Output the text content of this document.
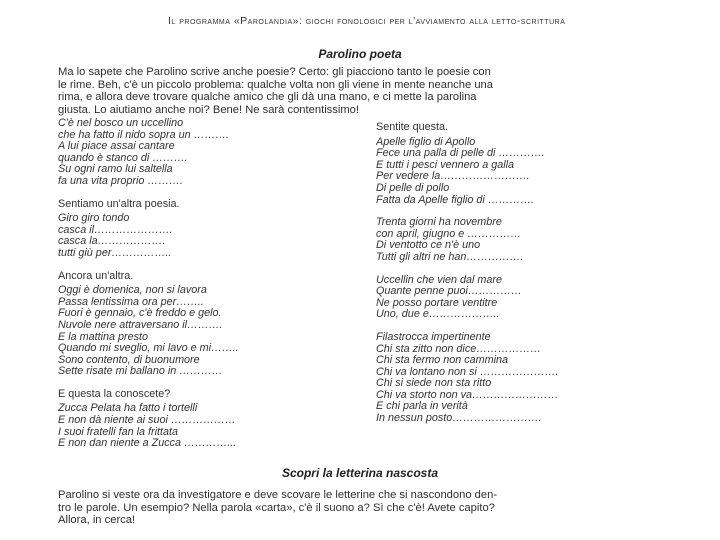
Il programma «Parolandia»: giochi fonologici per l'avviamento alla letto-scrittura
Parolino poeta
Ma lo sapete che Parolino scrive anche poesie? Certo: gli piacciono tanto le poesie con
le rime. Beh, c'è un piccolo problema: qualche volta non gli viene in mente neanche una
rima, e allora deve trovare qualche amico che gli dà una mano, e ci mette la parolina
giusta. Lo aiutiamo anche noi? Bene! Ne sarà contentissimo!
C'è nel bosco un uccellino
che ha fatto il nido sopra un ……….
A lui piace assai cantare
quando è stanco di ……….
Su ogni ramo lui saltella
fa una vita proprio ……….
Sentiamo un'altra poesia.
Giro giro tondo
casca il………………….
casca la……………….
tutti giù per……………..
Ancora un'altra.
Oggi è domenica, non si lavora
Passa lentissima ora per……..
Fuori è gennaio, c'è freddo e gelo.
Nuvole nere attraversano il……….
È la mattina presto
Quando mi sveglio, mi lavo e mi……..
Sono contento, di buonumore
Sette risate mi ballano in …………
E questa la conoscete?
Zucca Pelata ha fatto i tortelli
E non dà niente ai suoi ………………
I suoi fratelli fan la frittata
E non dan niente a Zucca …………...
Sentite questa.
Apelle figlio di Apollo
Fece una palla di pelle di ………….
E tutti i pesci vennero a galla
Per vedere la…………………….
Di pelle di pollo
Fatta da Apelle figlio di ………….
Trenta giorni ha novembre
con april, giugno e ……………
Di ventotto ce n'è uno
Tutti gli altri ne han…………….
Uccellin che vien dal mare
Quante penne puoi……………
Ne posso portare ventitre
Uno, due e………………..
Filastrocca impertinente
Chi sta zitto non dice………………
Chi sta fermo non cammina
Chi va lontano non si ………………….
Chi si siede non sta ritto
Chi va storto non va……………………
E chi parla in verità
In nessun posto…………………….
Scopri la letterina nascosta
Parolino si veste ora da investigatore e deve scovare le letterine che si nascondono den-
tro le parole. Un esempio? Nella parola «carta», c'è il suono a? Sì che c'è! Avete capito?
Allora, in cerca!
